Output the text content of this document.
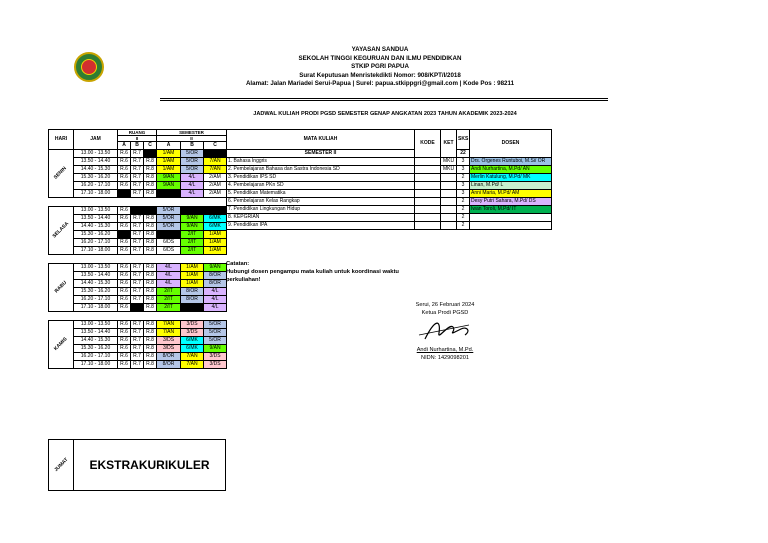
YAYASAN SANDUA
SEKOLAH TINGGI KEGURUAN DAN ILMU PENDIDIKAN
STKIP PGRI PAPUA
Surat Keputusan Menristekdikti Nomor: 908/KPT/I/2018
Alamat: Jalan Mariadei Serui-Papua | Surel: papua.stkippgri@gmail.com | Kode Pos : 98211
JADWAL KULIAH PRODI PGSD SEMESTER GENAP ANGKATAN 2023 TAHUN AKADEMIK 2023-2024
HARI	JAM	RUANG			SEMESTER		
		II			II		
		A	B	C	A	B	C
SENIN	13.00 - 13.50	R.6	R.7		1/AM	5/OR	
	13.50 - 14.40	R.6	R.7	R.8	1/AM	5/OR	7/AN
	14.40 - 15.30	R.6	R.7	R.8	1/AM	5/OR	7/AN
	15.30 - 16.20	R.6	R.7	R.8	9/AN	4/L	2/AM
	16.20 - 17.10	R.6	R.7	R.8	9/AN	4/L	2/AM
	17.10 - 18.00		R.7	R.8		4/L	2/AM

SELASA	13.00 - 13.50	R.6			5/OR		
	13.50 - 14.40	R.6	R.7	R.8	5/OR	9/AN	6/MK
	14.40 - 15.30	R.6	R.7	R.8	5/OR	9/AN	6/MK
	15.30 - 16.20		R.7	R.8		2/IT	1/AM
	16.20 - 17.10	R.6	R.7	R.8	6/DS	2/IT	1/AM
	17.10 - 18.00	R.6	R.7	R.8	6/DS	2/IT	1/AM

RABU	13.00 - 13.50	R.6	R.7	R.8	4/L	1/AM	9/AN
	13.50 - 14.40	R.6	R.7	R.8	4/L	1/AM	8/OR
	14.40 - 15.30	R.6	R.7	R.8	4/L	1/AM	8/OR
	15.30 - 16.20	R.6	R.7	R.8	2/IT	8/OR	4/L
	16.20 - 17.10	R.6	R.7	R.8	2/IT	8/OR	4/L
	17.10 - 18.00	R.6		R.8	2/IT		4/L

KAMIS	13.00 - 13.50	R.6	R.7	R.8	7/AN	3/DS	5/OR
	13.50 - 14.40	R.6	R.7	R.8	7/AN	3/DS	5/OR
	14.40 - 15.30	R.6	R.7	R.8	3/DS	6/MK	5/OR
	15.30 - 16.20	R.6	R.7	R.8	3/DS	6/MK	9/AN
	16.20 - 17.10	R.6	R.7	R.8	8/OR	7/AN	3/DS
	17.10 - 18.00	R.6	R.7	R.8	8/OR	7/AN	3/DS
JUMAT	EKSTRAKURIKULER
MATA KULIAH	KODE	KET	SKS	DOSEN

SEMESTER II			22	
1. Bahasa Inggris		MKU	3	Drs. Orgenes Runtuboi, M.Si/ OR
2. Pembelajaran Bahasa dan Sastra Indonesia SD		MKU	3	Andi Nurhartina, M.Pd/ AN
3. Pendidikan IPS SD			2	Merlin Katulung, M.Pd/ MK
4. Pembelajaran PKn SD			3	Linan, M.Pd/ L
5. Pendidikan Matematika			3	Anni Maria, M.Pd/ AM
6. Pembelajaran Kelas Rangkap			2	Desy Putri Sahara, M.Pd/ DS
7. Pendidikan Lingkungan Hidup			2	Iwan Toroli, M.Pd/ IT
8. KEPGRIAN			2	
9. Pendidikan IPA			2	
Catatan:
Hubungi dosen pengampu mata kuliah untuk koordinasi waktu
perkuliahan!
Serui, 26 Februari 2024
Ketua Prodi PGSD
Andi Nurhartina, M.Pd.
NIDN: 1429098201
